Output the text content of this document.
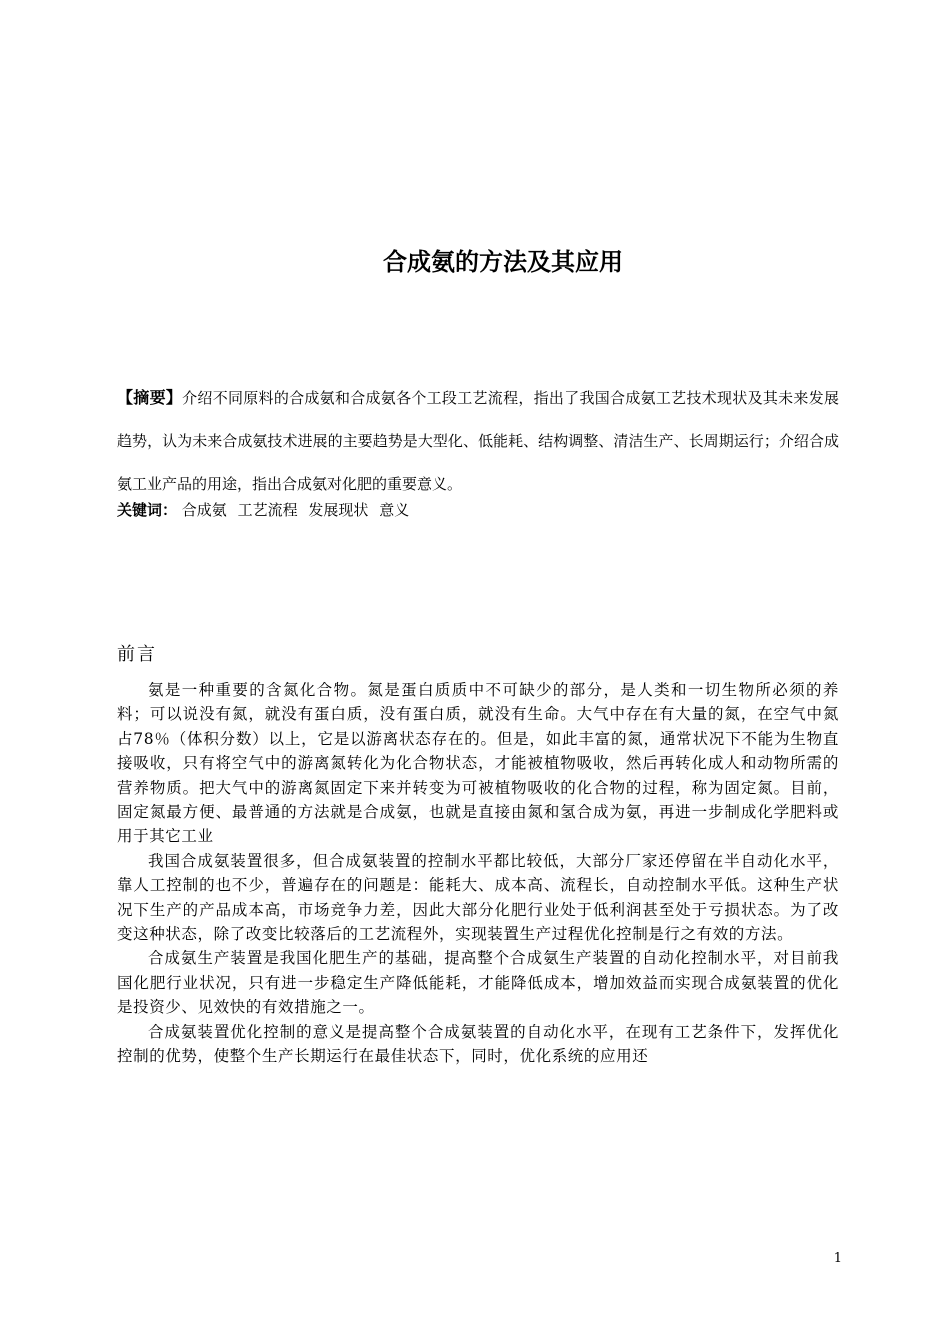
合成氨的方法及其应用
【摘要】介绍不同原料的合成氨和合成氨各个工段工艺流程，指出了我国合成氨工艺技术现状及其未来发展趋势，认为未来合成氨技术进展的主要趋势是大型化、低能耗、结构调整、清洁生产、长周期运行；介绍合成氨工业产品的用途，指出合成氨对化肥的重要意义。
关键词： 合成氨 工艺流程 发展现状 意义
前言

氨是一种重要的含氮化合物。氮是蛋白质质中不可缺少的部分，是人类和一切生物所必须的养料；可以说没有氮，就没有蛋白质，没有蛋白质，就没有生命。大气中存在有大量的氮，在空气中氮占78％（体积分数）以上，它是以游离状态存在的。但是，如此丰富的氮，通常状况下不能为生物直接吸收，只有将空气中的游离氮转化为化合物状态，才能被植物吸收，然后再转化成人和动物所需的营养物质。把大气中的游离氮固定下来并转变为可被植物吸收的化合物的过程，称为固定氮。目前，固定氮最方便、最普通的方法就是合成氨，也就是直接由氮和氢合成为氨，再进一步制成化学肥料或用于其它工业

我国合成氨装置很多，但合成氨装置的控制水平都比较低，大部分厂家还停留在半自动化水平，靠人工控制的也不少，普遍存在的问题是：能耗大、成本高、流程长，自动控制水平低。这种生产状况下生产的产品成本高，市场竞争力差，因此大部分化肥行业处于低利润甚至处于亏损状态。为了改变这种状态，除了改变比较落后的工艺流程外，实现装置生产过程优化控制是行之有效的方法。

合成氨生产装置是我国化肥生产的基础，提高整个合成氨生产装置的自动化控制水平，对目前我国化肥行业状况，只有进一步稳定生产降低能耗，才能降低成本，增加效益而实现合成氨装置的优化是投资少、见效快的有效措施之一。

合成氨装置优化控制的意义是提高整个合成氨装置的自动化水平，在现有工艺条件下，发挥优化控制的优势，使整个生产长期运行在最佳状态下，同时，优化系统的应用还

1
